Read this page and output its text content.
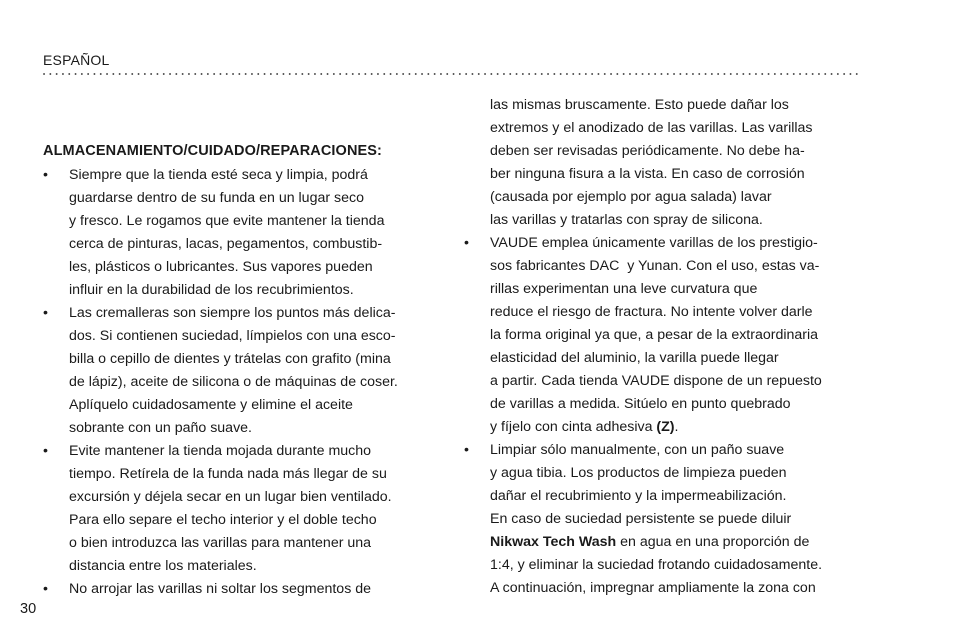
ESPAÑOL
ALMACENAMIENTO/CUIDADO/REPARACIONES:
• Siempre que la tienda esté seca y limpia, podrá
guardarse dentro de su funda en un lugar seco
y fresco. Le rogamos que evite mantener la tienda
cerca de pinturas, lacas, pegamentos, combustib-
les, plásticos o lubricantes. Sus vapores pueden
influir en la durabilidad de los recubrimientos.
• Las cremalleras son siempre los puntos más delica-
dos. Si contienen suciedad, límpielos con una esco-
billa o cepillo de dientes y trátelas con grafito (mina
de lápiz), aceite de silicona o de máquinas de coser.
Aplíquelo cuidadosamente y elimine el aceite
sobrante con un paño suave.
• Evite mantener la tienda mojada durante mucho
tiempo. Retírela de la funda nada más llegar de su
excursión y déjela secar en un lugar bien ventilado.
Para ello separe el techo interior y el doble techo
o bien introduzca las varillas para mantener una
distancia entre los materiales.
• No arrojar las varillas ni soltar los segmentos de
las mismas bruscamente. Esto puede dañar los
extremos y el anodizado de las varillas. Las varillas
deben ser revisadas periódicamente. No debe ha-
ber ninguna fisura a la vista. En caso de corrosión
(causada por ejemplo por agua salada) lavar
las varillas y tratarlas con spray de silicona.
• VAUDE emplea únicamente varillas de los prestigio-
sos fabricantes DAC  y Yunan. Con el uso, estas va-
rillas experimentan una leve curvatura que
reduce el riesgo de fractura. No intente volver darle
la forma original ya que, a pesar de la extraordinaria
elasticidad del aluminio, la varilla puede llegar
a partir. Cada tienda VAUDE dispone de un repuesto
de varillas a medida. Sitúelo en punto quebrado
y fíjelo con cinta adhesiva (Z).
• Limpiar sólo manualmente, con un paño suave
y agua tibia. Los productos de limpieza pueden
dañar el recubrimiento y la impermeabilización.
En caso de suciedad persistente se puede diluir
Nikwax Tech Wash en agua en una proporción de
1:4, y eliminar la suciedad frotando cuidadosamente.
A continuación, impregnar ampliamente la zona con
30
